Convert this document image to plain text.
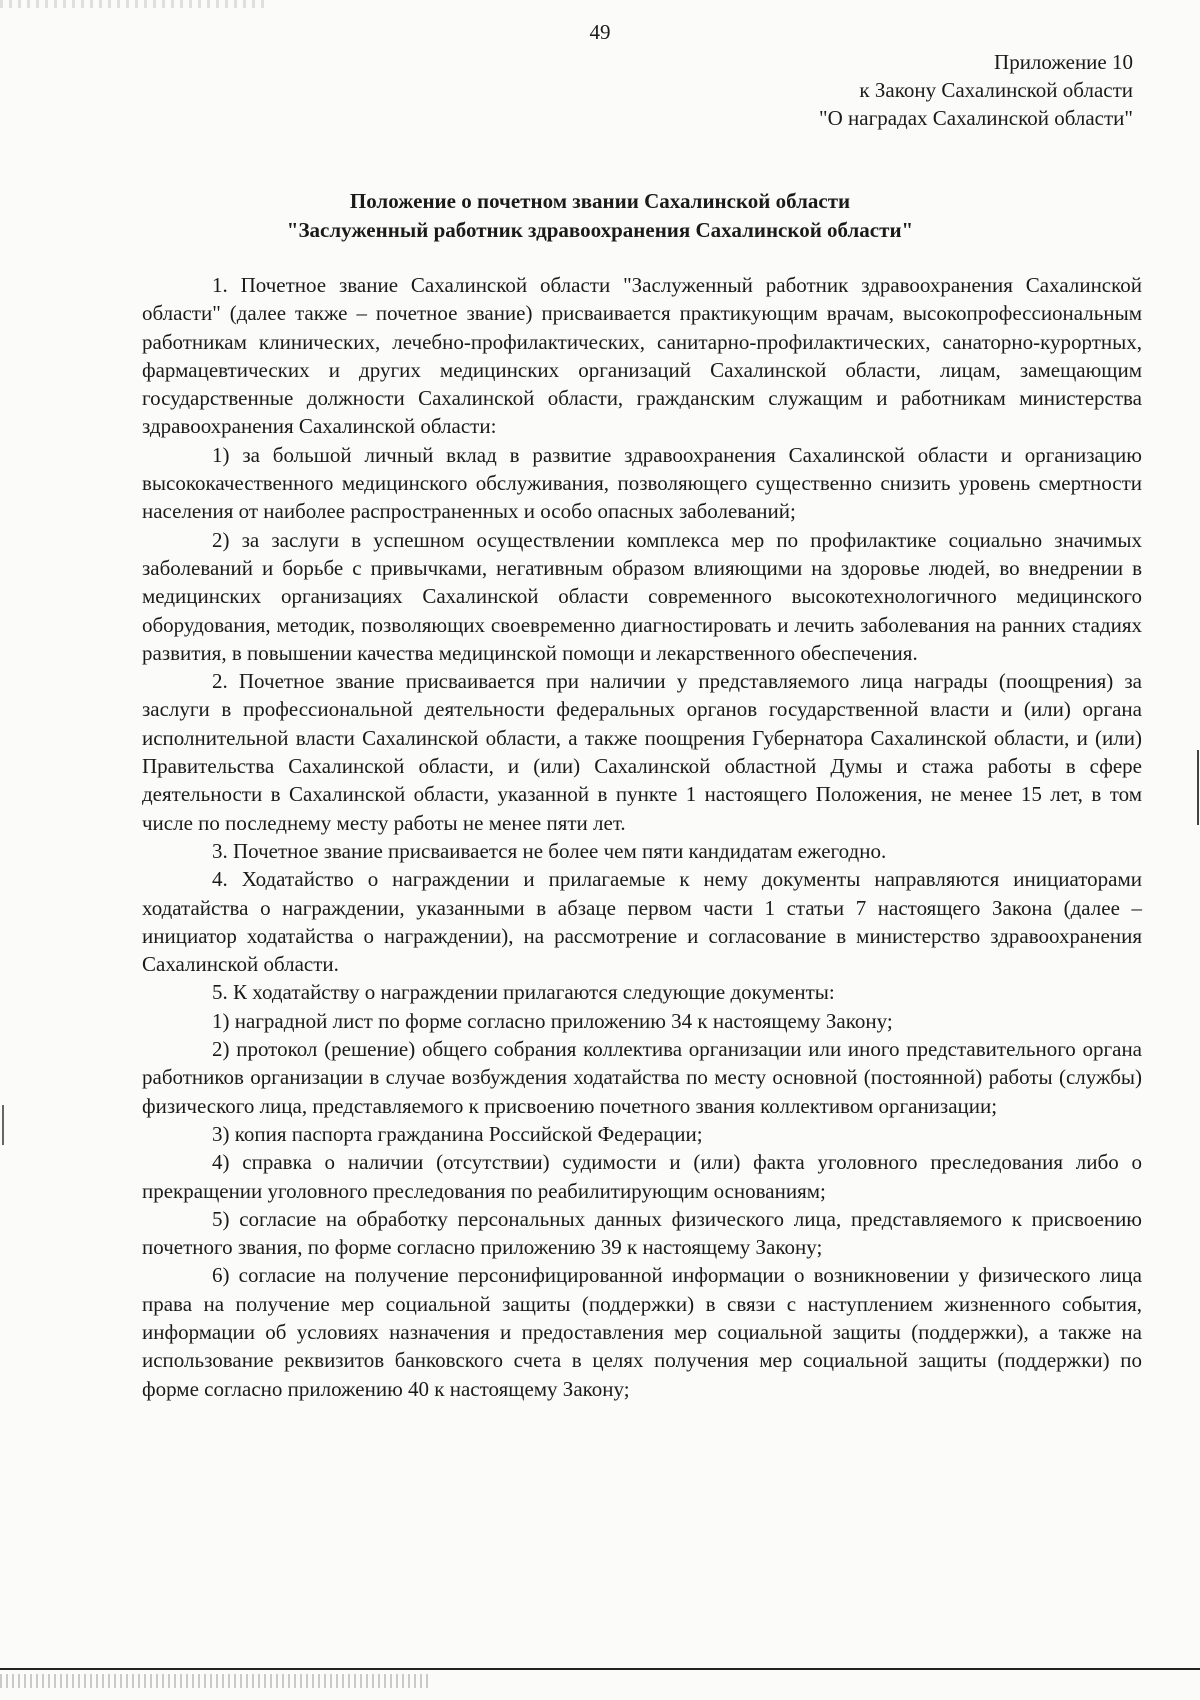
49
Приложение 10
к Закону Сахалинской области
"О наградах Сахалинской области"
Положение о почетном звании Сахалинской области
"Заслуженный работник здравоохранения Сахалинской области"

1. Почетное звание Сахалинской области "Заслуженный работник здравоохранения Сахалинской области" (далее также – почетное звание) присваивается практикующим врачам, высокопрофессиональным работникам клинических, лечебно-профилактических, санитарно-профилактических, санаторно-курортных, фармацевтических и других медицинских организаций Сахалинской области, лицам, замещающим государственные должности Сахалинской области, гражданским служащим и работникам министерства здравоохранения Сахалинской области:

1) за большой личный вклад в развитие здравоохранения Сахалинской области и организацию высококачественного медицинского обслуживания, позволяющего существенно снизить уровень смертности населения от наиболее распространенных и особо опасных заболеваний;

2) за заслуги в успешном осуществлении комплекса мер по профилактике социально значимых заболеваний и борьбе с привычками, негативным образом влияющими на здоровье людей, во внедрении в медицинских организациях Сахалинской области современного высокотехнологичного медицинского оборудования, методик, позволяющих своевременно диагностировать и лечить заболевания на ранних стадиях развития, в повышении качества медицинской помощи и лекарственного обеспечения.

2. Почетное звание присваивается при наличии у представляемого лица награды (поощрения) за заслуги в профессиональной деятельности федеральных органов государственной власти и (или) органа исполнительной власти Сахалинской области, а также поощрения Губернатора Сахалинской области, и (или) Правительства Сахалинской области, и (или) Сахалинской областной Думы и стажа работы в сфере деятельности в Сахалинской области, указанной в пункте 1 настоящего Положения, не менее 15 лет, в том числе по последнему месту работы не менее пяти лет.

3. Почетное звание присваивается не более чем пяти кандидатам ежегодно.

4. Ходатайство о награждении и прилагаемые к нему документы направляются инициаторами ходатайства о награждении, указанными в абзаце первом части 1 статьи 7 настоящего Закона (далее – инициатор ходатайства о награждении), на рассмотрение и согласование в министерство здравоохранения Сахалинской области.

5. К ходатайству о награждении прилагаются следующие документы:

1) наградной лист по форме согласно приложению 34 к настоящему Закону;

2) протокол (решение) общего собрания коллектива организации или иного представительного органа работников организации в случае возбуждения ходатайства по месту основной (постоянной) работы (службы) физического лица, представляемого к присвоению почетного звания коллективом организации;

3) копия паспорта гражданина Российской Федерации;

4) справка о наличии (отсутствии) судимости и (или) факта уголовного преследования либо о прекращении уголовного преследования по реабилитирующим основаниям;

5) согласие на обработку персональных данных физического лица, представляемого к присвоению почетного звания, по форме согласно приложению 39 к настоящему Закону;

6) согласие на получение персонифицированной информации о возникновении у физического лица права на получение мер социальной защиты (поддержки) в связи с наступлением жизненного события, информации об условиях назначения и предоставления мер социальной защиты (поддержки), а также на использование реквизитов банковского счета в целях получения мер социальной защиты (поддержки) по форме согласно приложению 40 к настоящему Закону;
